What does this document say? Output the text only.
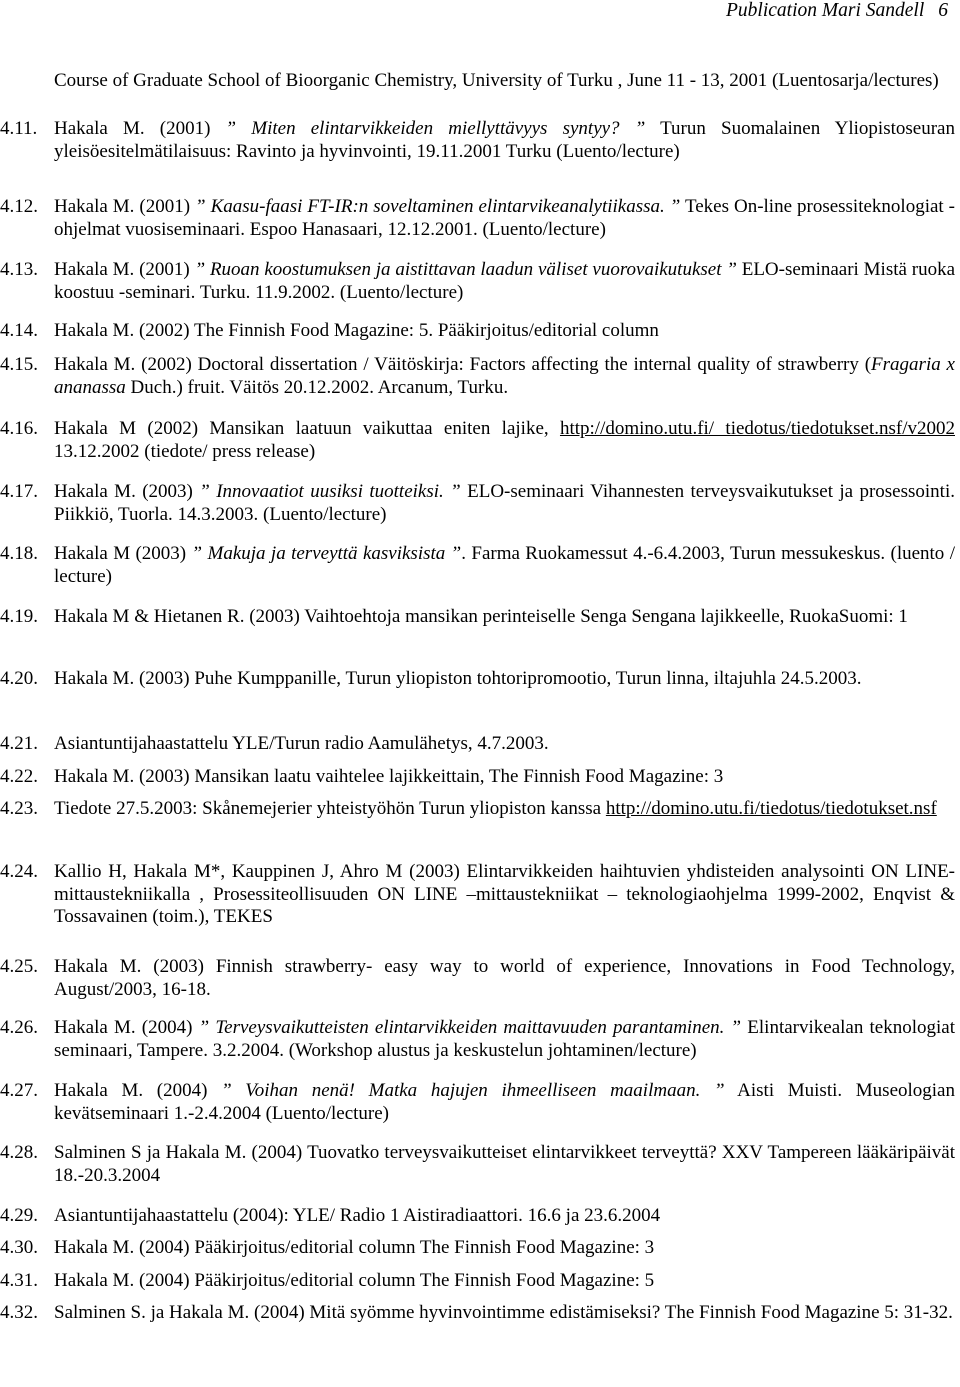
Publication Mari Sandell 6
Course of Graduate School of Bioorganic Chemistry, University of Turku , June 11 - 13, 2001 (Luentosarja/lectures)
4.11. Hakala M. (2001) ” Miten elintarvikkeiden miellyttävyys syntyy? ” Turun Suomalainen Yliopistoseuran yleisöesitelmätilaisuus: Ravinto ja hyvinvointi, 19.11.2001 Turku (Luento/lecture)
4.12. Hakala M. (2001) ” Kaasu-faasi FT-IR:n soveltaminen elintarvikeanalytiikassa. ” Tekes On-line prosessiteknologiat -ohjelmat vuosiseminaari. Espoo Hanasaari, 12.12.2001. (Luento/lecture)
4.13. Hakala M. (2001) ” Ruoan koostumuksen ja aistittavan laadun väliset vuorovaikutukset ” ELO-seminaari Mistä ruoka koostuu -seminari. Turku. 11.9.2002. (Luento/lecture)
4.14. Hakala M. (2002) The Finnish Food Magazine: 5. Pääkirjoitus/editorial column
4.15. Hakala M. (2002) Doctoral dissertation / Väitöskirja: Factors affecting the internal quality of strawberry (Fragaria x ananassa Duch.) fruit. Väitös 20.12.2002. Arcanum, Turku.
4.16. Hakala M (2002) Mansikan laatuun vaikuttaa eniten lajike, http://domino.utu.fi/ tiedotus/tiedotukset.nsf/v2002 13.12.2002 (tiedote/ press release)
4.17. Hakala M. (2003) ” Innovaatiot uusiksi tuotteiksi. ” ELO-seminaari Vihannesten terveysvaikutukset ja prosessointi. Piikkiö, Tuorla. 14.3.2003. (Luento/lecture)
4.18. Hakala M (2003) ” Makuja ja terveyttä kasviksista ”. Farma Ruokamessut 4.-6.4.2003, Turun messukeskus. (luento / lecture)
4.19. Hakala M & Hietanen R. (2003) Vaihtoehtoja mansikan perinteiselle Senga Sengana lajikkeelle, RuokaSuomi: 1
4.20. Hakala M. (2003) Puhe Kumppanille, Turun yliopiston tohtoripromootio, Turun linna, iltajuhla 24.5.2003.
4.21. Asiantuntijahaastattelu YLE/Turun radio Aamulähetys, 4.7.2003.
4.22. Hakala M. (2003) Mansikan laatu vaihtelee lajikkeittain, The Finnish Food Magazine: 3
4.23. Tiedote 27.5.2003: Skånemejerier yhteistyöhön Turun yliopiston kanssa http://domino.utu.fi/tiedotus/tiedotukset.nsf
4.24. Kallio H, Hakala M*, Kauppinen J, Ahro M (2003) Elintarvikkeiden haihtuvien yhdisteiden analysointi ON LINE-mittaustekniikalla , Prosessiteollisuuden ON LINE –mittaustekniikat – teknologiaohjelma 1999-2002, Enqvist & Tossavainen (toim.), TEKES
4.25. Hakala M. (2003) Finnish strawberry- easy way to world of experience, Innovations in Food Technology, August/2003, 16-18.
4.26. Hakala M. (2004) ” Terveysvaikutteisten elintarvikkeiden maittavuuden parantaminen. ” Elintarvikealan teknologiat seminaari, Tampere. 3.2.2004. (Workshop alustus ja keskustelun johtaminen/lecture)
4.27. Hakala M. (2004) ” Voihan nenä! Matka hajujen ihmeelliseen maailmaan. ” Aisti Muisti. Museologian kevätseminaari 1.-2.4.2004 (Luento/lecture)
4.28. Salminen S ja Hakala M. (2004) Tuovatko terveysvaikutteiset elintarvikkeet terveyttä? XXV Tampereen lääkäripäivät 18.-20.3.2004
4.29. Asiantuntijahaastattelu (2004): YLE/ Radio 1 Aistiradiaattori. 16.6 ja 23.6.2004
4.30. Hakala M. (2004) Pääkirjoitus/editorial column The Finnish Food Magazine: 3
4.31. Hakala M. (2004) Pääkirjoitus/editorial column The Finnish Food Magazine: 5
4.32. Salminen S. ja Hakala M. (2004) Mitä syömme hyvinvointimme edistämiseksi? The Finnish Food Magazine 5: 31-32.
